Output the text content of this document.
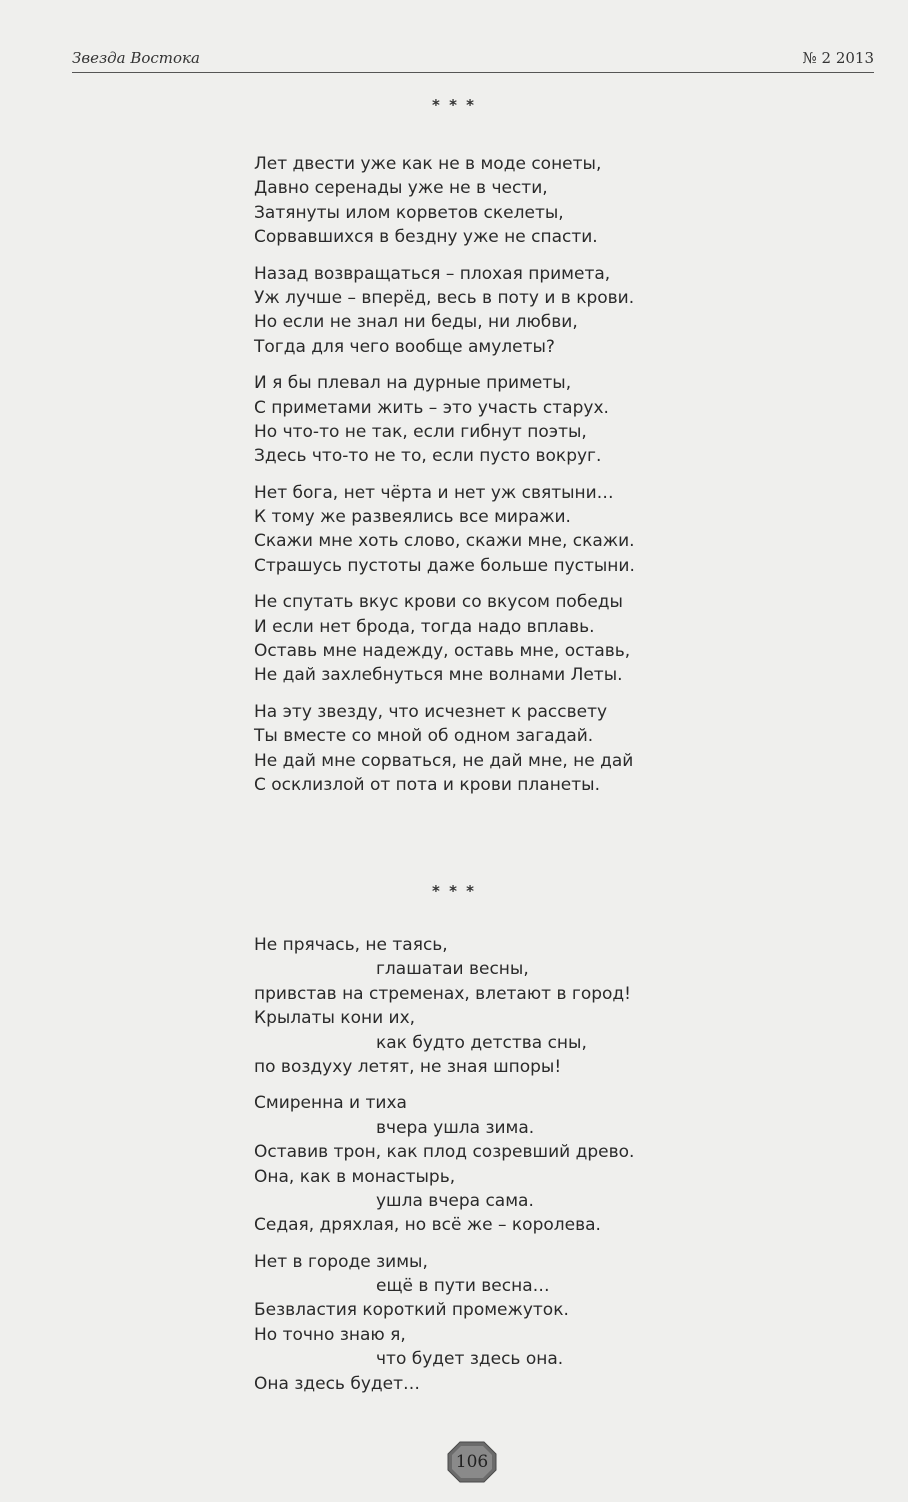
Звезда Востока	№ 2 2013
* * *
Лет двести уже как не в моде сонеты,
Давно серенады уже не в чести,
Затянуты илом корветов скелеты,
Сорвавшихся в бездну уже не спасти.
Назад возвращаться – плохая примета,
Уж лучше – вперёд, весь в поту и в крови.
Но если не знал ни беды, ни любви,
Тогда для чего вообще амулеты?
И я бы плевал на дурные приметы,
С приметами жить – это участь старух.
Но что-то не так, если гибнут поэты,
Здесь что-то не то, если пусто вокруг.
Нет бога, нет чёрта и нет уж святыни…
К тому же развеялись все миражи.
Скажи мне хоть слово, скажи мне, скажи.
Страшусь пустоты даже больше пустыни.
Не спутать вкус крови со вкусом победы
И если нет брода, тогда надо вплавь.
Оставь мне надежду, оставь мне, оставь,
Не дай захлебнуться мне волнами Леты.
На эту звезду, что исчезнет к рассвету
Ты вместе со мной об одном загадай.
Не дай мне сорваться, не дай мне, не дай
С осклизлой от пота и крови планеты.
* * *
Не прячась, не таясь,
глашатаи весны,
привстав на стременах, влетают в город!
Крылаты кони их,
как будто детства сны,
по воздуху летят, не зная шпоры!
Смиренна и тиха
вчера ушла зима.
Оставив трон, как плод созревший древо.
Она, как в монастырь,
ушла вчера сама.
Седая, дряхлая, но всё же – королева.
Нет в городе зимы,
ещё в пути весна…
Безвластия короткий промежуток.
Но точно знаю я,
что будет здесь она.
Она здесь будет…
106
